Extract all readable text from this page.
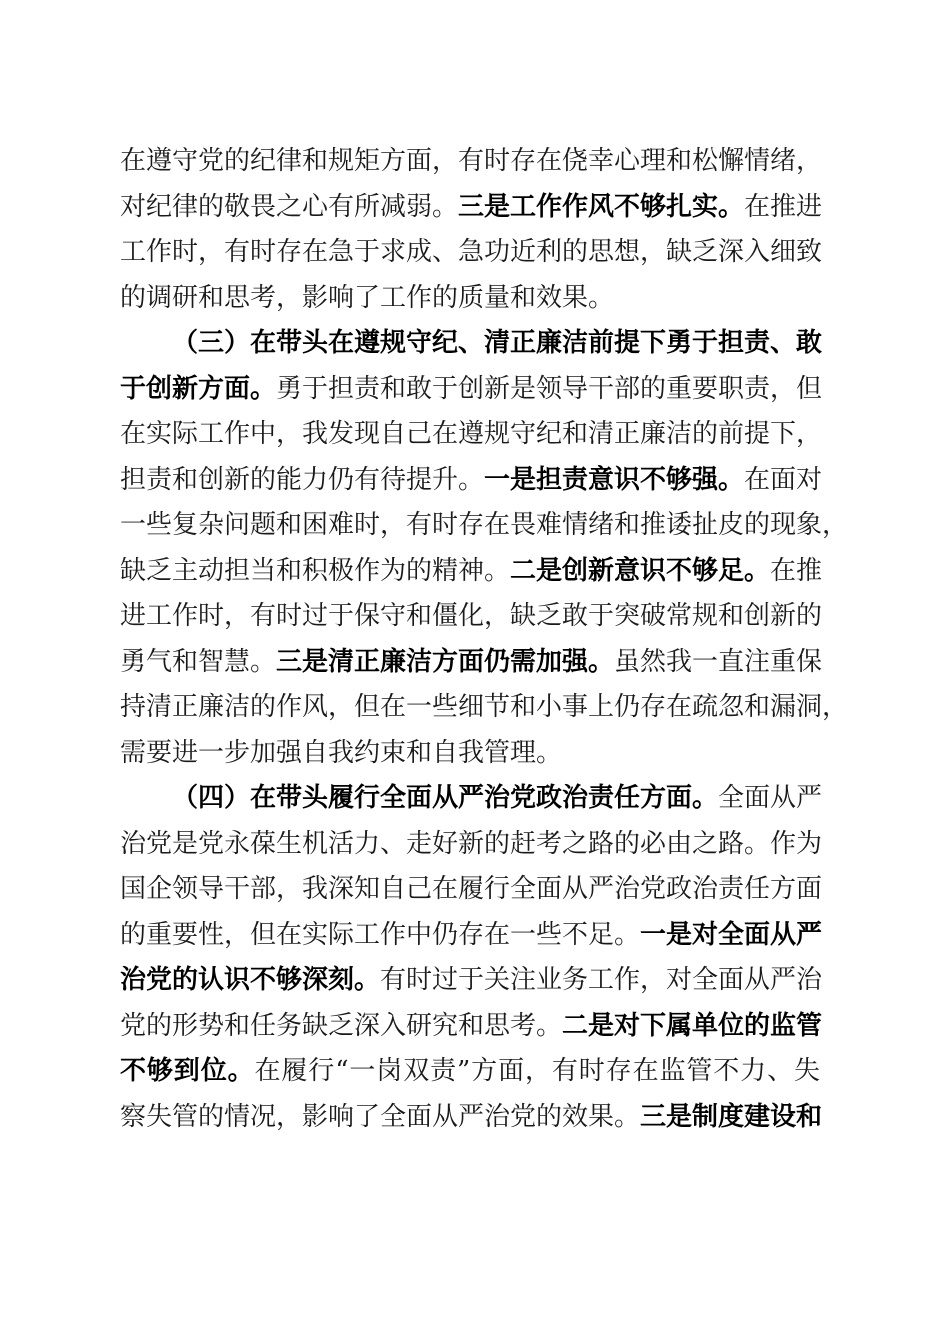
在遵守党的纪律和规矩方面，有时存在侥幸心理和松懈情绪，
对纪律的敬畏之心有所减弱。三是工作作风不够扎实。在推进
工作时，有时存在急于求成、急功近利的思想，缺乏深入细致
的调研和思考，影响了工作的质量和效果。
（三）在带头在遵规守纪、清正廉洁前提下勇于担责、敢
于创新方面。勇于担责和敢于创新是领导干部的重要职责，但
在实际工作中，我发现自己在遵规守纪和清正廉洁的前提下，
担责和创新的能力仍有待提升。一是担责意识不够强。在面对
一些复杂问题和困难时，有时存在畏难情绪和推诿扯皮的现象，
缺乏主动担当和积极作为的精神。二是创新意识不够足。在推
进工作时，有时过于保守和僵化，缺乏敢于突破常规和创新的
勇气和智慧。三是清正廉洁方面仍需加强。虽然我一直注重保
持清正廉洁的作风，但在一些细节和小事上仍存在疏忽和漏洞，
需要进一步加强自我约束和自我管理。
（四）在带头履行全面从严治党政治责任方面。全面从严
治党是党永葆生机活力、走好新的赶考之路的必由之路。作为
国企领导干部，我深知自己在履行全面从严治党政治责任方面
的重要性，但在实际工作中仍存在一些不足。一是对全面从严
治党的认识不够深刻。有时过于关注业务工作，对全面从严治
党的形势和任务缺乏深入研究和思考。二是对下属单位的监管
不够到位。在履行“一岗双责”方面，有时存在监管不力、失
察失管的情况，影响了全面从严治党的效果。三是制度建设和
